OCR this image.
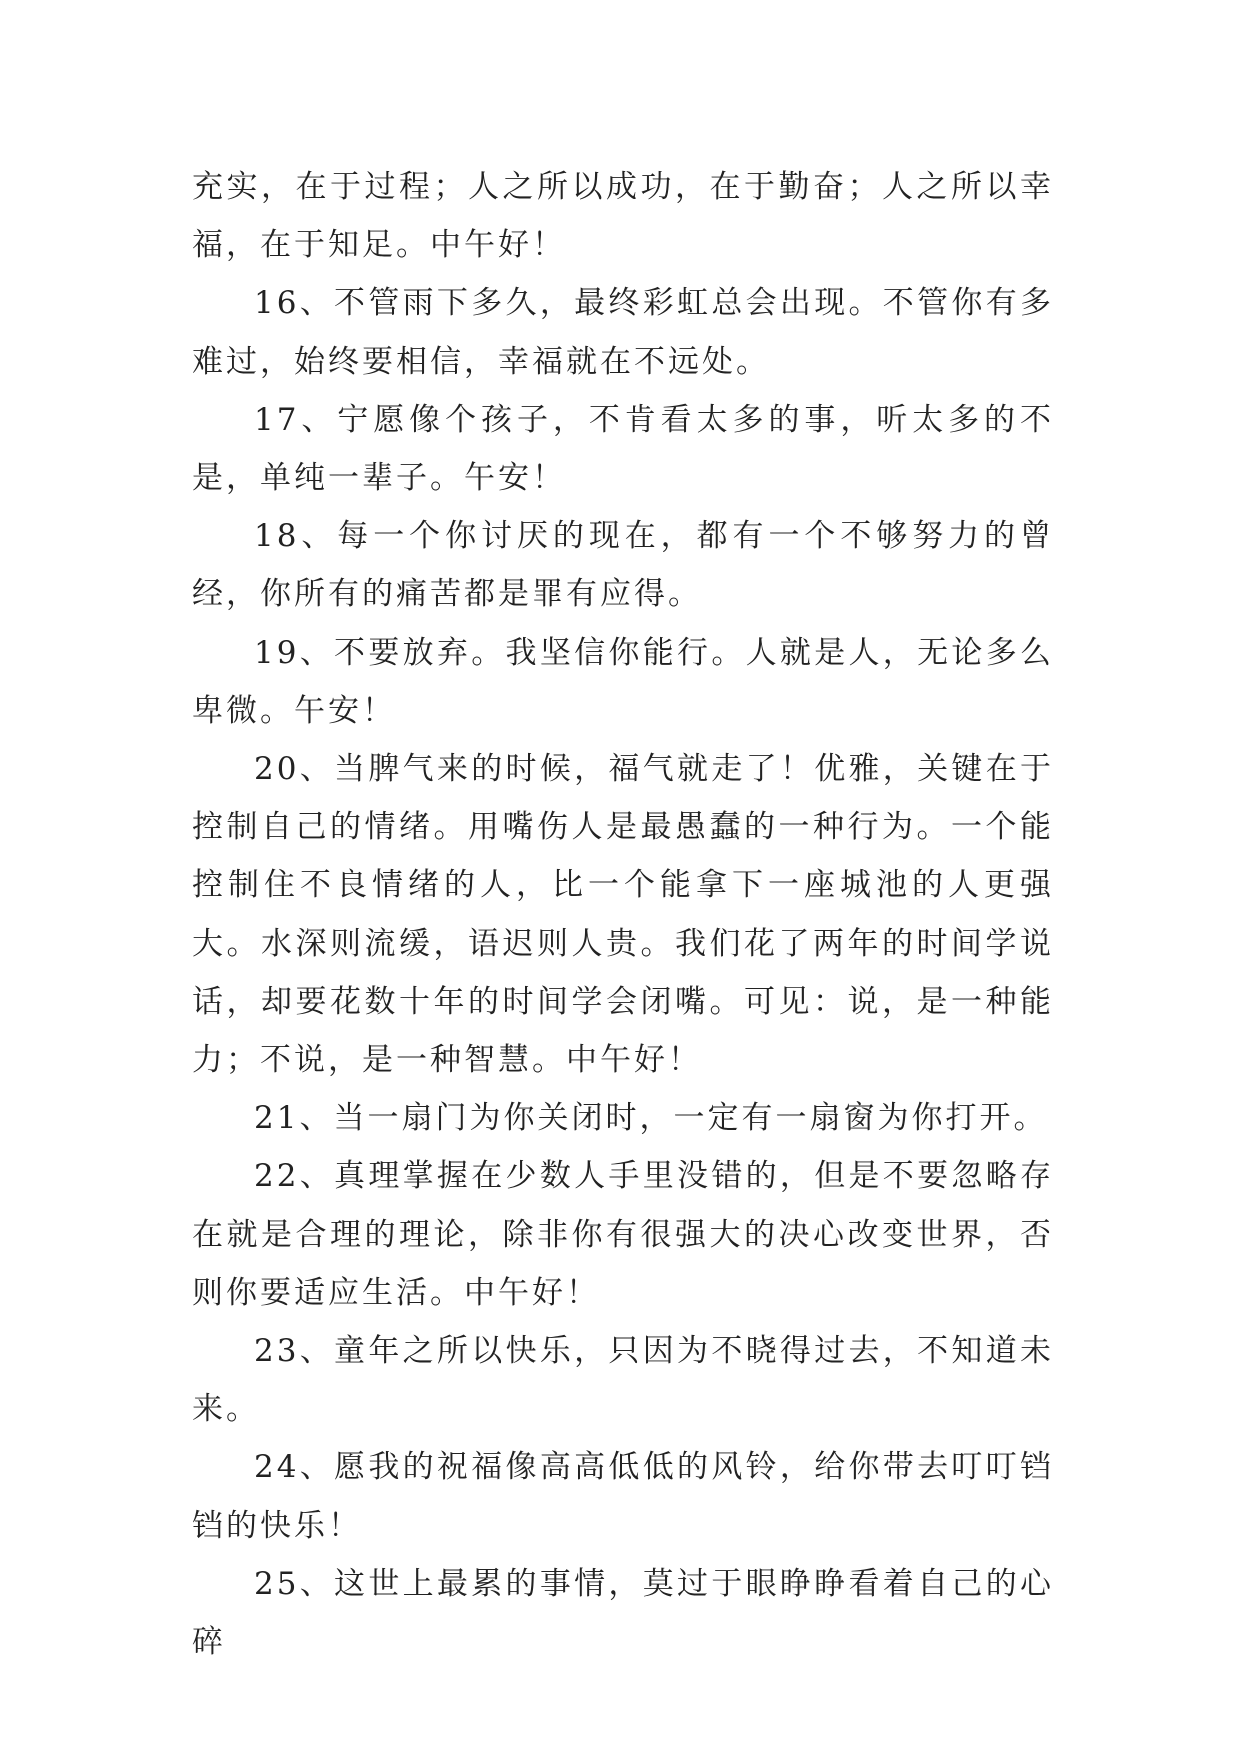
充实，在于过程；人之所以成功，在于勤奋；人之所以幸福，在于知足。中午好！

16、不管雨下多久，最终彩虹总会出现。不管你有多难过，始终要相信，幸福就在不远处。

17、宁愿像个孩子，不肯看太多的事，听太多的不是，单纯一辈子。午安！

18、每一个你讨厌的现在，都有一个不够努力的曾经，你所有的痛苦都是罪有应得。

19、不要放弃。我坚信你能行。人就是人，无论多么卑微。午安！

20、当脾气来的时候，福气就走了！优雅，关键在于控制自己的情绪。用嘴伤人是最愚蠢的一种行为。一个能控制住不良情绪的人，比一个能拿下一座城池的人更强大。水深则流缓，语迟则人贵。我们花了两年的时间学说话，却要花数十年的时间学会闭嘴。可见：说，是一种能力；不说，是一种智慧。中午好！

21、当一扇门为你关闭时，一定有一扇窗为你打开。

22、真理掌握在少数人手里没错的，但是不要忽略存在就是合理的理论，除非你有很强大的决心改变世界，否则你要适应生活。中午好！

23、童年之所以快乐，只因为不晓得过去，不知道未来。

24、愿我的祝福像高高低低的风铃，给你带去叮叮铛铛的快乐！

25、这世上最累的事情，莫过于眼睁睁看着自己的心碎
